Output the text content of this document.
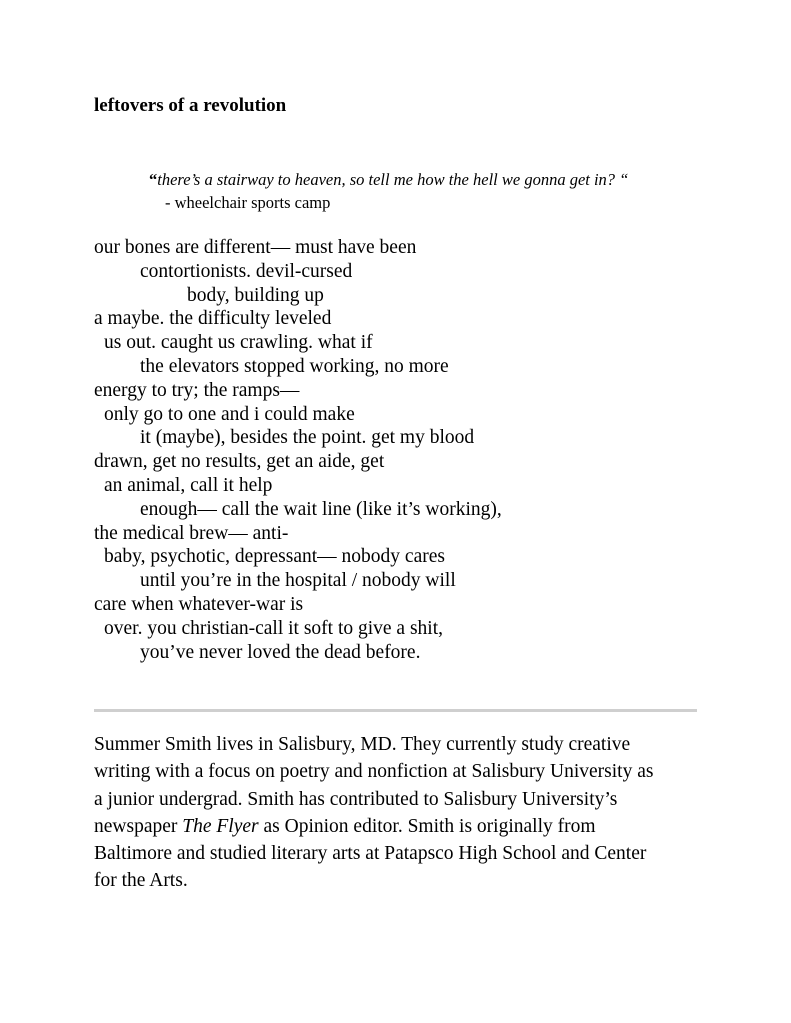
leftovers of a revolution
“there’s a stairway to heaven, so tell me how the hell we gonna get in? “
- wheelchair sports camp
our bones are different— must have been
contortionists. devil-cursed
body, building up
a maybe. the difficulty leveled
us out. caught us crawling. what if
the elevators stopped working, no more
energy to try; the ramps—
only go to one and i could make
it (maybe), besides the point. get my blood
drawn, get no results, get an aide, get
an animal, call it help
enough— call the wait line (like it’s working),
the medical brew— anti-
baby, psychotic, depressant— nobody cares
until you’re in the hospital / nobody will
care when whatever-war is
over. you christian-call it soft to give a shit,
you’ve never loved the dead before.
Summer Smith lives in Salisbury, MD. They currently study creative
writing with a focus on poetry and nonfiction at Salisbury University as
a junior undergrad. Smith has contributed to Salisbury University’s
newspaper The Flyer as Opinion editor. Smith is originally from
Baltimore and studied literary arts at Patapsco High School and Center
for the Arts.
